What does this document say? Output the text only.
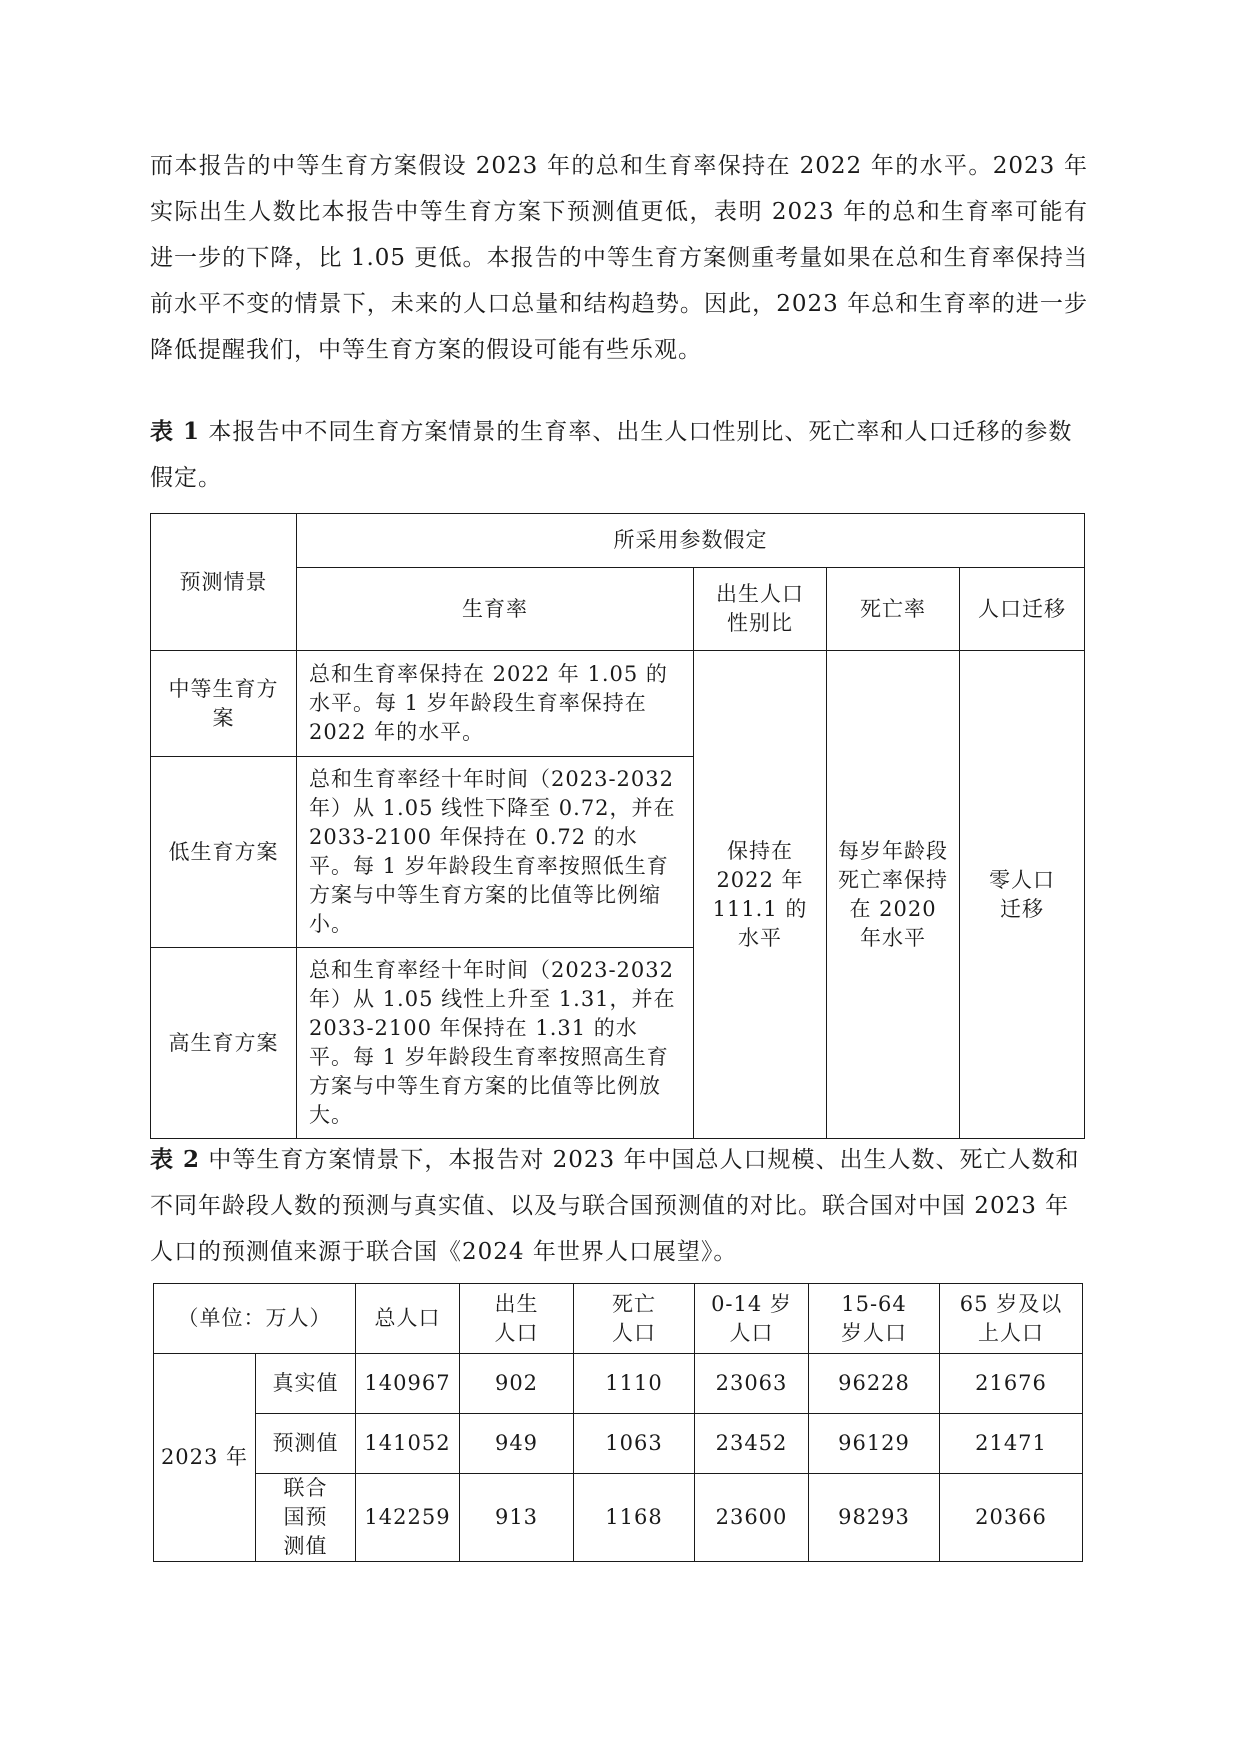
而本报告的中等生育方案假设 2023 年的总和生育率保持在 2022 年的水平。2023 年实际出生人数比本报告中等生育方案下预测值更低，表明 2023 年的总和生育率可能有进一步的下降，比 1.05 更低。本报告的中等生育方案侧重考量如果在总和生育率保持当前水平不变的情景下，未来的人口总量和结构趋势。因此，2023 年总和生育率的进一步降低提醒我们，中等生育方案的假设可能有些乐观。

表 1 本报告中不同生育方案情景的生育率、出生人口性别比、死亡率和人口迁移的参数假定。

预测情景	所采用参数假定			
	生育率	出生人口性别比	死亡率	人口迁移
中等生育方案	总和生育率保持在 2022 年 1.05 的水平。每 1 岁年龄段生育率保持在 2022 年的水平。	保持在 2022 年 111.1 的水平	每岁年龄段死亡率保持在 2020 年水平	零人口迁移
低生育方案	总和生育率经十年时间（2023-2032 年）从 1.05 线性下降至 0.72，并在 2033-2100 年保持在 0.72 的水平。每 1 岁年龄段生育率按照低生育方案与中等生育方案的比值等比例缩小。			
高生育方案	总和生育率经十年时间（2023-2032 年）从 1.05 线性上升至 1.31，并在 2033-2100 年保持在 1.31 的水平。每 1 岁年龄段生育率按照高生育方案与中等生育方案的比值等比例放大。			

表 2 中等生育方案情景下，本报告对 2023 年中国总人口规模、出生人数、死亡人数和不同年龄段人数的预测与真实值、以及与联合国预测值的对比。联合国对中国 2023 年人口的预测值来源于联合国《2024 年世界人口展望》。

（单位：万人）		总人口	出生人口	死亡人口	0-14 岁人口	15-64 岁人口	65 岁及以上人口
2023 年	真实值	140967	902	1110	23063	96228	21676
	预测值	141052	949	1063	23452	96129	21471
	联合国预测值	142259	913	1168	23600	98293	20366
